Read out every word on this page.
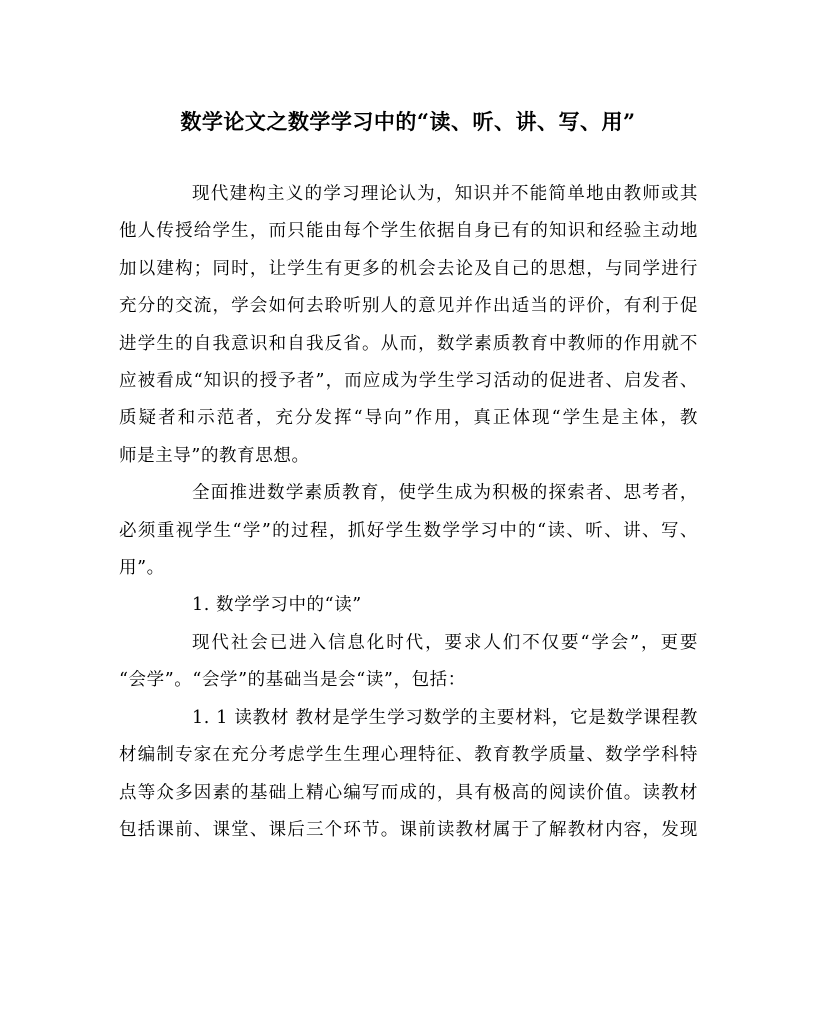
数学论文之数学学习中的“读、听、讲、写、用”
现代建构主义的学习理论认为，知识并不能简单地由教师或其
他人传授给学生，而只能由每个学生依据自身已有的知识和经验主动地
加以建构；同时，让学生有更多的机会去论及自己的思想，与同学进行
充分的交流，学会如何去聆听别人的意见并作出适当的评价，有利于促
进学生的自我意识和自我反省。从而，数学素质教育中教师的作用就不
应被看成“知识的授予者”，而应成为学生学习活动的促进者、启发者、
质疑者和示范者，充分发挥“导向”作用，真正体现“学生是主体，教
师是主导”的教育思想。
全面推进数学素质教育，使学生成为积极的探索者、思考者，
必须重视学生“学”的过程，抓好学生数学学习中的“读、听、讲、写、
用”。
1. 数学学习中的“读”
现代社会已进入信息化时代，要求人们不仅要“学会”，更要
“会学”。“会学”的基础当是会“读”，包括：
1. 1 读教材 教材是学生学习数学的主要材料，它是数学课程教
材编制专家在充分考虑学生生理心理特征、教育教学质量、数学学科特
点等众多因素的基础上精心编写而成的，具有极高的阅读价值。读教材
包括课前、课堂、课后三个环节。课前读教材属于了解教材内容，发现
